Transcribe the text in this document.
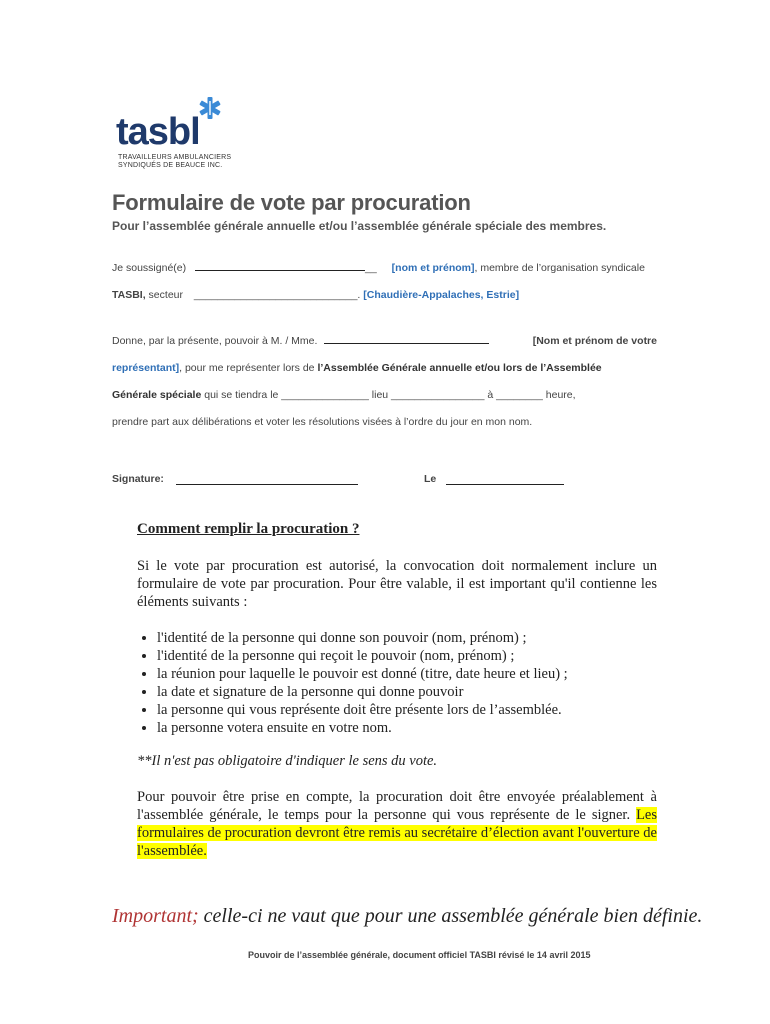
tasbl
TRAVAILLEURS AMBULANCIERS
SYNDIQUÉS DE BEAUCE INC.
Formulaire de vote par procuration
Pour l’assemblée générale annuelle et/ou l’assemblée générale spéciale des membres.
Je soussigné(e)	__ [nom et prénom], membre de l’organisation syndicale
TASBI, secteur ____________________________. [Chaudière-Appalaches, Estrie]
Donne, par la présente, pouvoir à M. / Mme.	[Nom et prénom de votre
représentant], pour me représenter lors de l’Assemblée Générale annuelle et/ou lors de l’Assemblée
Générale spéciale qui se tiendra le _______________ lieu ________________ à ________ heure,
prendre part aux délibérations et voter les résolutions visées à l’ordre du jour en mon nom.
Signature:	Le
Comment remplir la procuration ?
Si le vote par procuration est autorisé, la convocation doit normalement inclure un formulaire de vote par procuration. Pour être valable, il est important qu'il contienne les éléments suivants :
• l'identité de la personne qui donne son pouvoir (nom, prénom) ;
• l'identité de la personne qui reçoit le pouvoir (nom, prénom) ;
• la réunion pour laquelle le pouvoir est donné (titre, date heure et lieu) ;
• la date et signature de la personne qui donne pouvoir
• la personne qui vous représente doit être présente lors de l’assemblée.
• la personne votera ensuite en votre nom.
**Il n'est pas obligatoire d'indiquer le sens du vote.
Pour pouvoir être prise en compte, la procuration doit être envoyée préalablement à l'assemblée générale, le temps pour la personne qui vous représente de le signer. Les formulaires de procuration devront être remis au secrétaire d’élection avant l'ouverture de l'assemblée.
Important; celle-ci ne vaut que pour une assemblée générale bien définie.
Pouvoir de l’assemblée générale, document officiel TASBI révisé le 14 avril 2015
